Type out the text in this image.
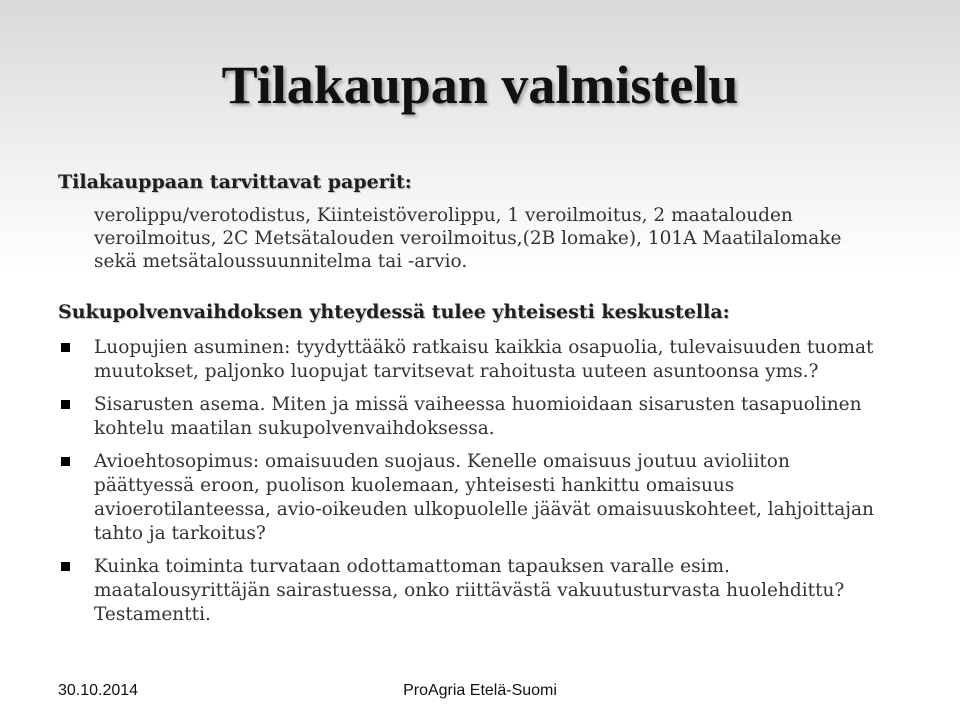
Tilakaupan valmistelu

Tilakauppaan tarvittavat paperit:

verolippu/verotodistus, Kiinteistöverolippu, 1 veroilmoitus, 2 maatalouden veroilmoitus, 2C Metsätalouden veroilmoitus,(2B lomake), 101A Maatilalomake sekä metsätaloussuunnitelma tai -arvio.

Sukupolvenvaihdoksen yhteydessä tulee yhteisesti keskustella:

Luopujien asuminen: tyydyttääkö ratkaisu kaikkia osapuolia, tulevaisuuden tuomat muutokset, paljonko luopujat tarvitsevat rahoitusta uuteen asuntoonsa yms.?
Sisarusten asema. Miten ja missä vaiheessa huomioidaan sisarusten tasapuolinen kohtelu maatilan sukupolvenvaihdoksessa.
Avioehtosopimus: omaisuuden suojaus. Kenelle omaisuus joutuu avioliiton päättyessä eroon, puolison kuolemaan, yhteisesti hankittu omaisuus avioerotilanteessa, avio-oikeuden ulkopuolelle jäävät omaisuuskohteet, lahjoittajan tahto ja tarkoitus?
Kuinka toiminta turvataan odottamattoman tapauksen varalle esim. maatalousyrittäjän sairastuessa, onko riittävästä vakuutusturvasta huolehdittu? Testamentti.
30.10.2014	ProAgria Etelä-Suomi
